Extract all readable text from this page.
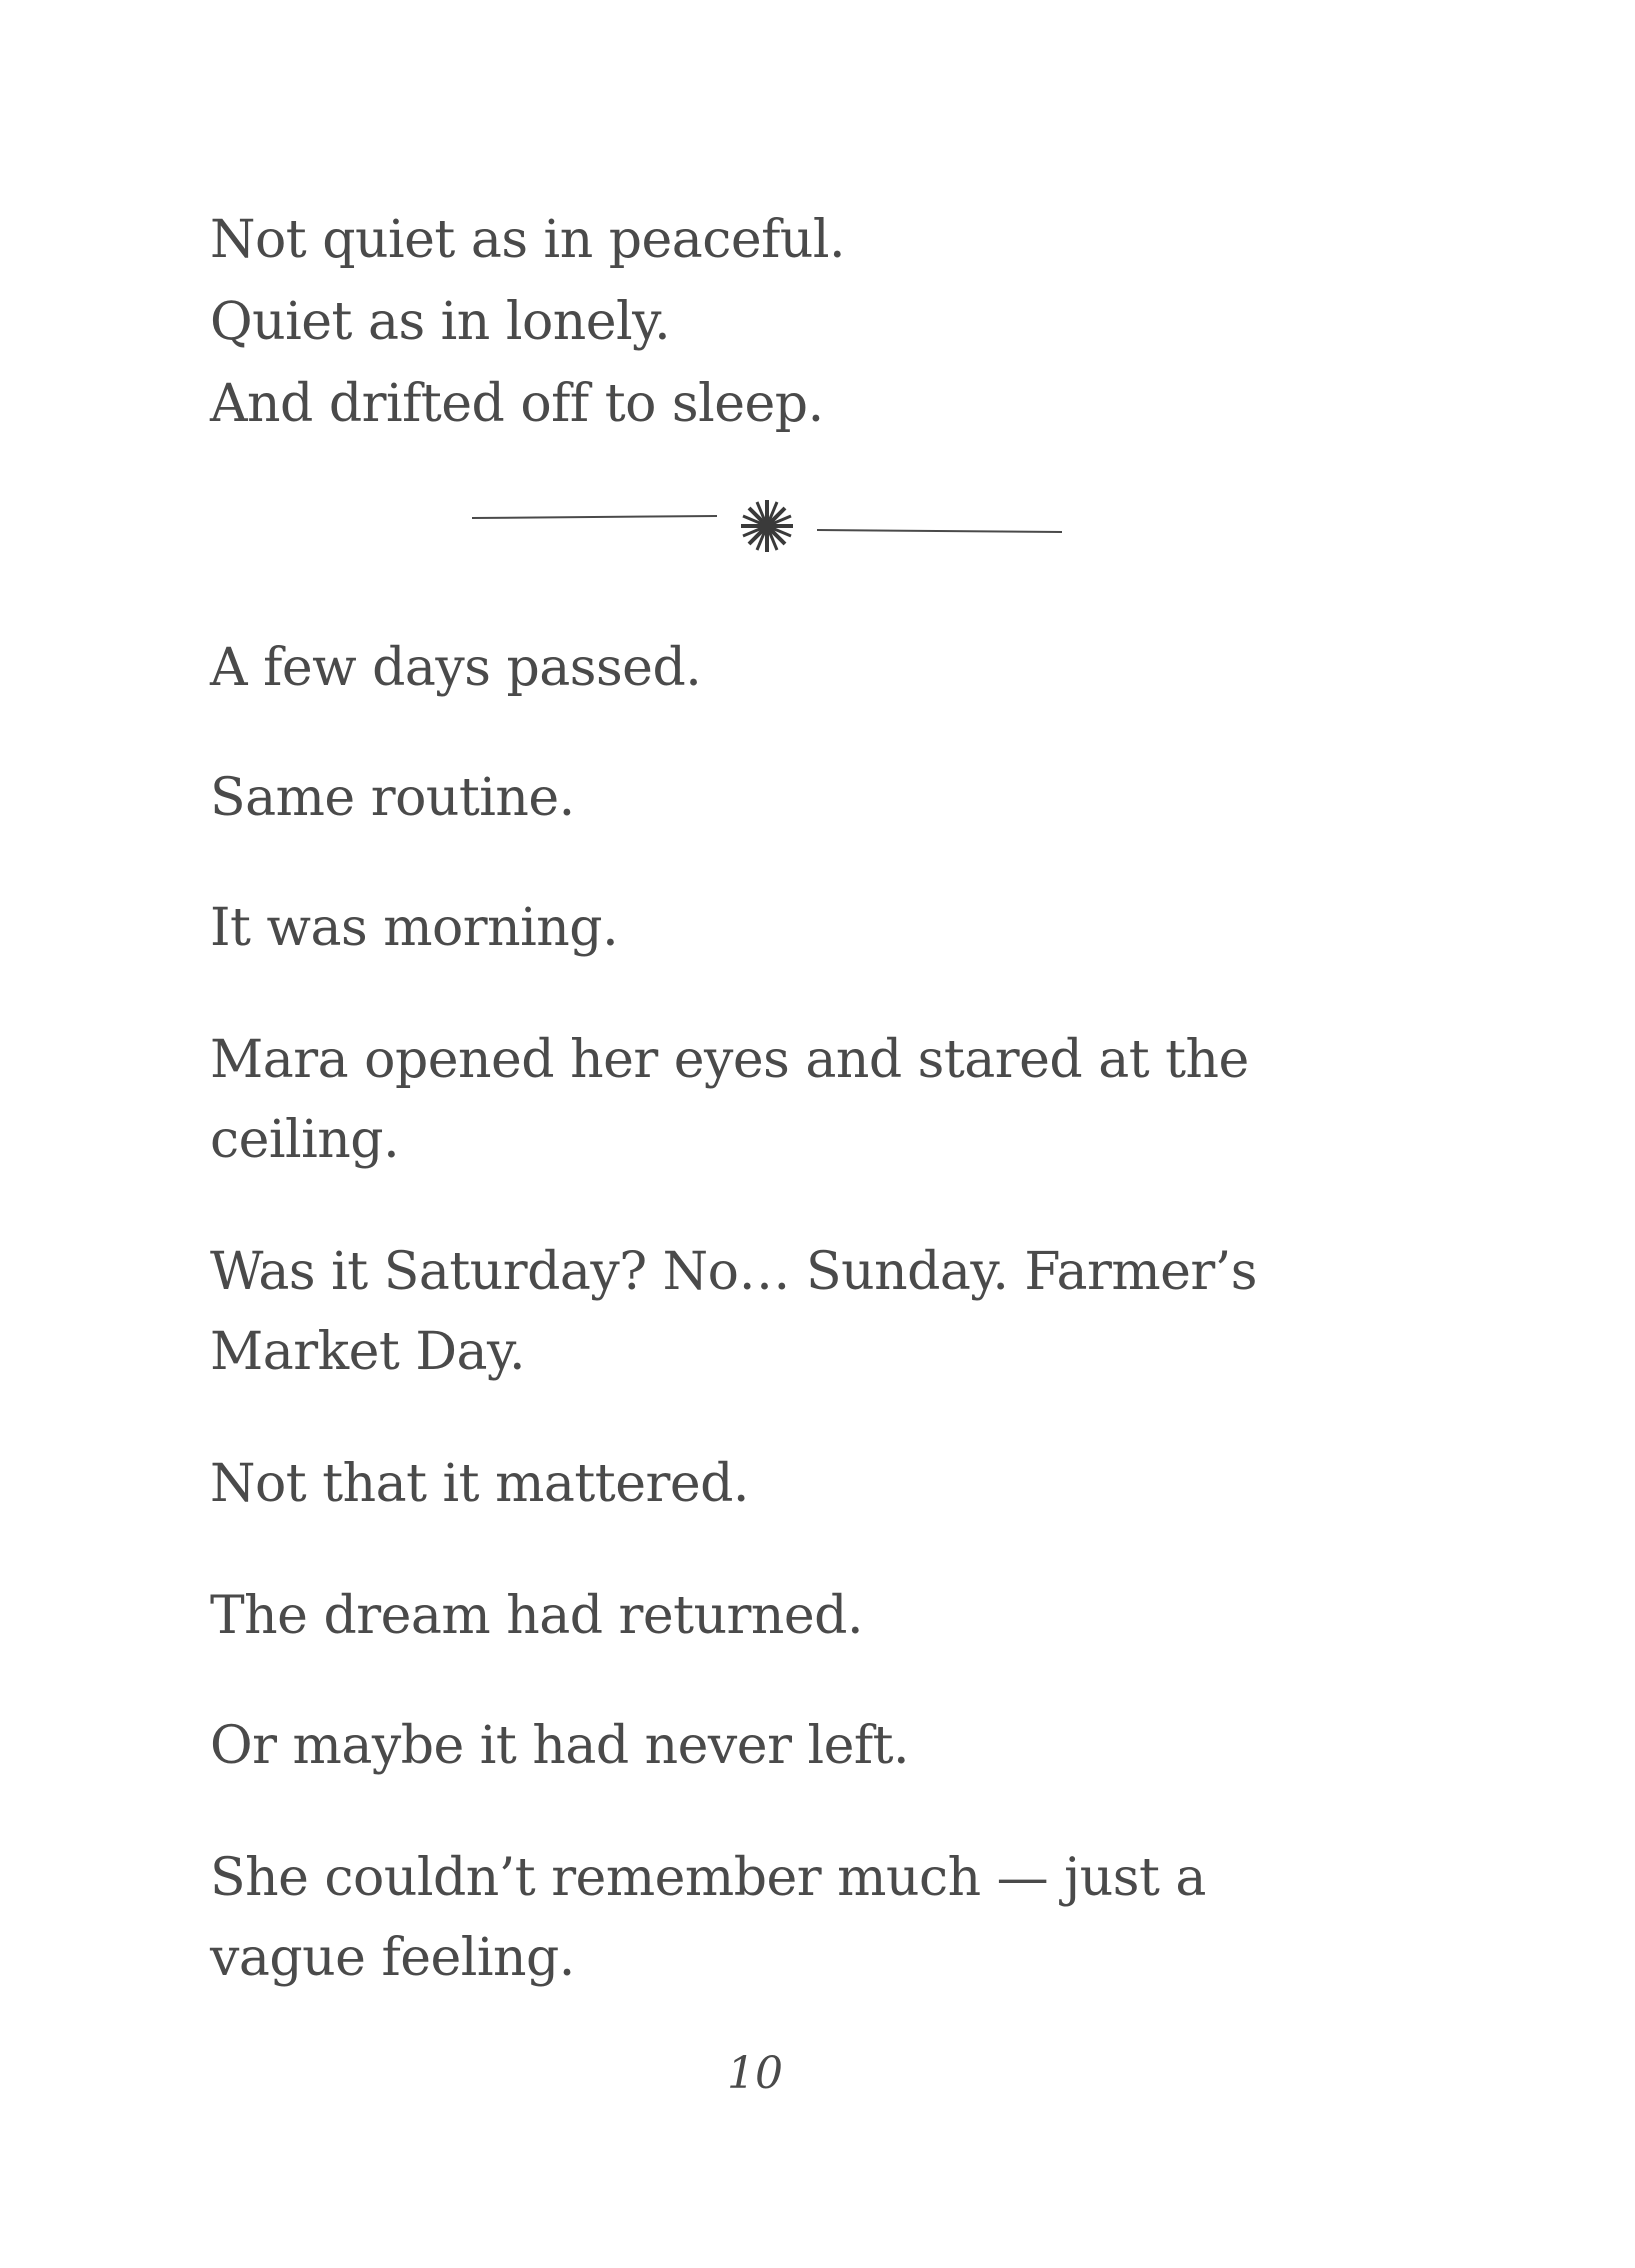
Not quiet as in peaceful.

Quiet as in lonely.

And drifted off to sleep.

A few days passed.

Same routine.

It was morning.

Mara opened her eyes and stared at the ceiling.

Was it Saturday? No… Sunday. Farmer’s Market Day.

Not that it mattered.

The dream had returned.

Or maybe it had never left.

She couldn’t remember much — just a vague feeling.

10
